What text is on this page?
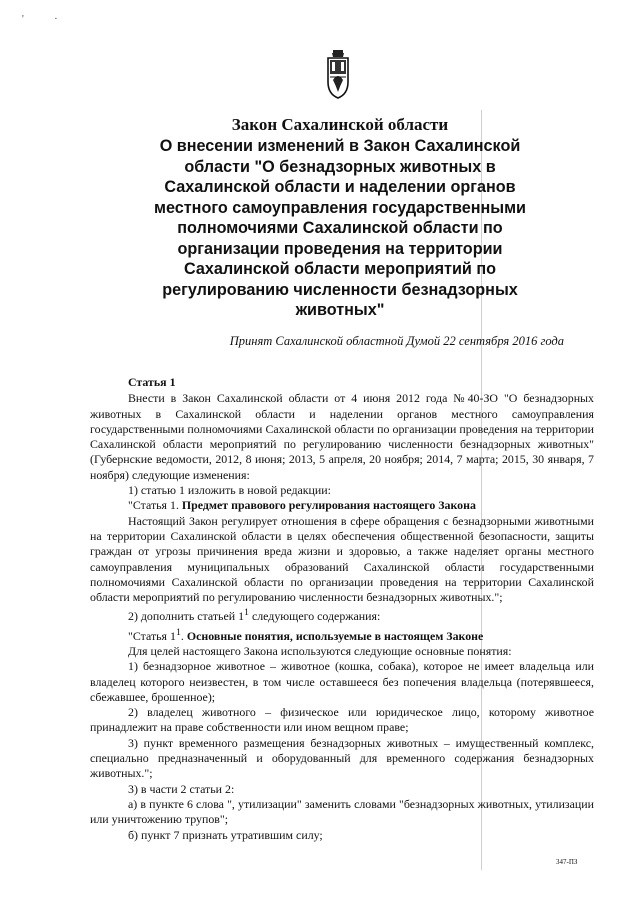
' ·
Закон Сахалинской области
О внесении изменений в Закон Сахалинской области "О безнадзорных животных в Сахалинской области и наделении органов местного самоуправления государственными полномочиями Сахалинской области по организации проведения на территории Сахалинской области мероприятий по регулированию численности безнадзорных животных"
Принят Сахалинской областной Думой 22 сентября 2016 года

Статья 1

Внести в Закон Сахалинской области от 4 июня 2012 года №40-ЗО "О безнадзорных животных в Сахалинской области и наделении органов местного самоуправления государственными полномочиями Сахалинской области по организации проведения на территории Сахалинской области мероприятий по регулированию численности безнадзорных животных" (Губернские ведомости, 2012, 8 июня; 2013, 5 апреля, 20 ноября; 2014, 7 марта; 2015, 30 января, 7 ноября) следующие изменения:

1) статью 1 изложить в новой редакции:

"Статья 1. Предмет правового регулирования настоящего Закона

Настоящий Закон регулирует отношения в сфере обращения с безнадзорными животными на территории Сахалинской области в целях обеспечения общественной безопасности, защиты граждан от угрозы причинения вреда жизни и здоровью, а также наделяет органы местного самоуправления муниципальных образований Сахалинской области государственными полномочиями Сахалинской области по организации проведения на территории Сахалинской области мероприятий по регулированию численности безнадзорных животных.";

2) дополнить статьей $1^1$ следующего содержания:

"Статья $1^1$. Основные понятия, используемые в настоящем Законе

Для целей настоящего Закона используются следующие основные понятия:

1) безнадзорное животное – животное (кошка, собака), которое не имеет владельца или владелец которого неизвестен, в том числе оставшееся без попечения владельца (потерявшееся, сбежавшее, брошенное);

2) владелец животного – физическое или юридическое лицо, которому животное принадлежит на праве собственности или ином вещном праве;

3) пункт временного размещения безнадзорных животных – имущественный комплекс, специально предназначенный и оборудованный для временного содержания безнадзорных животных.";

3) в части 2 статьи 2:

а) в пункте 6 слова ", утилизации" заменить словами "безнадзорных животных, утилизации или уничтожению трупов";

б) пункт 7 признать утратившим силу;

347-ПЗ
